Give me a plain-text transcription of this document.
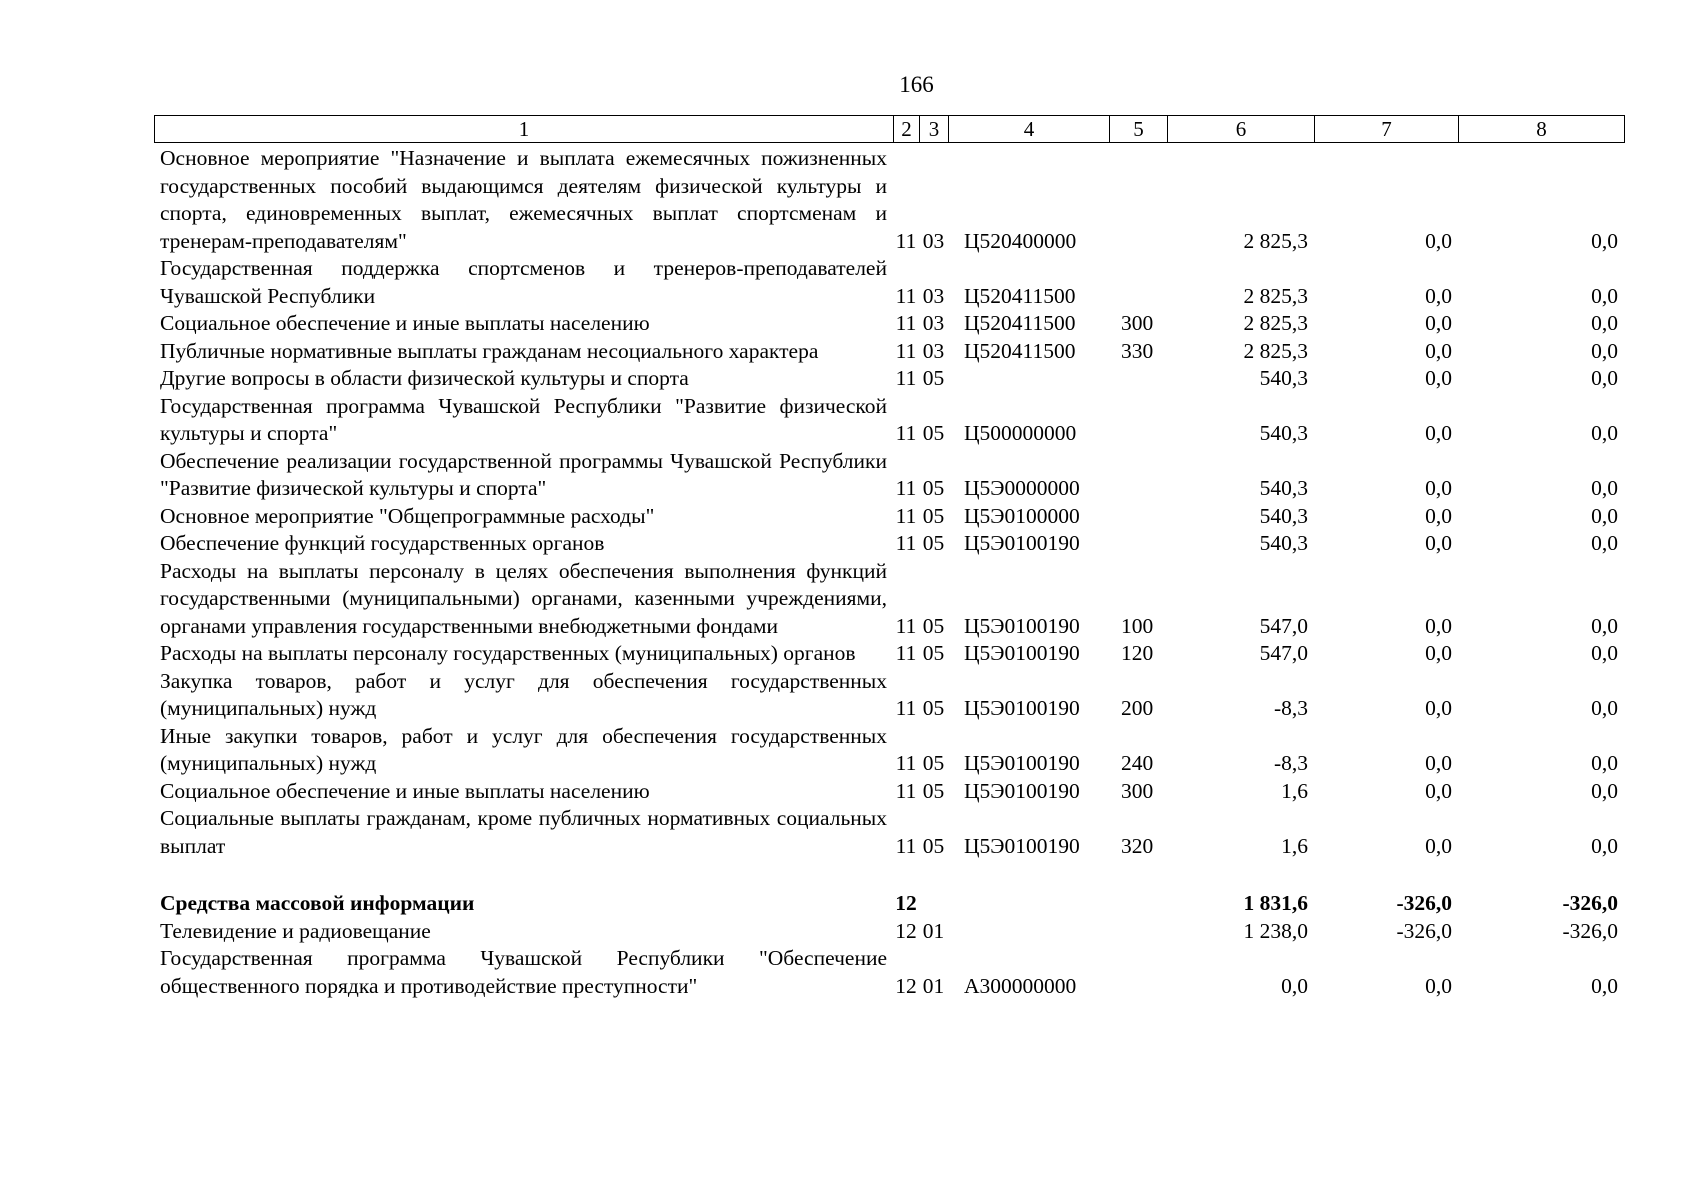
166
1	2	3	4	5	6	7	8
Основное мероприятие "Назначение и выплата ежемесячных пожизненных государственных пособий выдающимся деятелям физической культуры и спорта, единовременных выплат, ежемесячных выплат спортсменам и тренерам-преподавателям"	11	03	Ц520400000		2 825,3	0,0	0,0
Государственная поддержка спортсменов и тренеров-преподавателей Чувашской Республики	11	03	Ц520411500		2 825,3	0,0	0,0
Социальное обеспечение и иные выплаты населению	11	03	Ц520411500	300	2 825,3	0,0	0,0
Публичные нормативные выплаты гражданам несоциального характера	11	03	Ц520411500	330	2 825,3	0,0	0,0
Другие вопросы в области физической культуры и спорта	11	05			540,3	0,0	0,0
Государственная программа Чувашской Республики "Развитие физической культуры и спорта"	11	05	Ц500000000		540,3	0,0	0,0
Обеспечение реализации государственной программы Чувашской Республики "Развитие физической культуры и спорта"	11	05	Ц5Э0000000		540,3	0,0	0,0
Основное мероприятие "Общепрограммные расходы"	11	05	Ц5Э0100000		540,3	0,0	0,0
Обеспечение функций государственных органов	11	05	Ц5Э0100190		540,3	0,0	0,0
Расходы на выплаты персоналу в целях обеспечения выполнения функций государственными (муниципальными) органами, казенными учреждениями, органами управления государственными внебюджетными фондами	11	05	Ц5Э0100190	100	547,0	0,0	0,0
Расходы на выплаты персоналу государственных (муниципальных) органов	11	05	Ц5Э0100190	120	547,0	0,0	0,0
Закупка товаров, работ и услуг для обеспечения государственных (муниципальных) нужд	11	05	Ц5Э0100190	200	-8,3	0,0	0,0
Иные закупки товаров, работ и услуг для обеспечения государственных (муниципальных) нужд	11	05	Ц5Э0100190	240	-8,3	0,0	0,0
Социальное обеспечение и иные выплаты населению	11	05	Ц5Э0100190	300	1,6	0,0	0,0
Социальные выплаты гражданам, кроме публичных нормативных социальных выплат	11	05	Ц5Э0100190	320	1,6	0,0	0,0

Средства массовой информации	12				1 831,6	-326,0	-326,0
Телевидение и радиовещание	12	01			1 238,0	-326,0	-326,0
Государственная программа Чувашской Республики "Обеспечение общественного порядка и противодействие преступности"	12	01	А300000000		0,0	0,0	0,0
